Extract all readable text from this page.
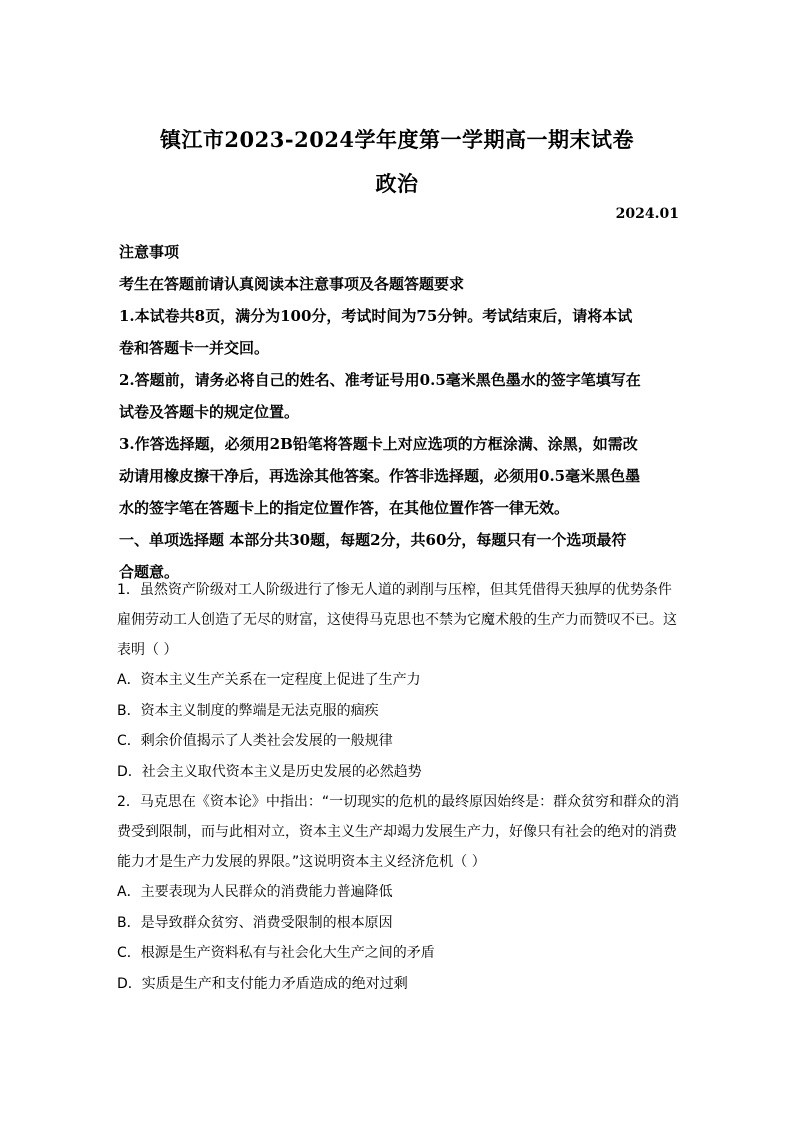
镇江市2023-2024学年度第一学期高一期末试卷
政治
2024.01

注意事项

考生在答题前请认真阅读本注意事项及各题答题要求

1.本试卷共8页，满分为100分，考试时间为75分钟。考试结束后，请将本试

卷和答题卡一并交回。

2.答题前，请务必将自己的姓名、准考证号用0.5毫米黑色墨水的签字笔填写在

试卷及答题卡的规定位置。

3.作答选择题，必须用2B铅笔将答题卡上对应选项的方框涂满、涂黑，如需改

动请用橡皮擦干净后，再选涂其他答案。作答非选择题，必须用0.5毫米黑色墨

水的签字笔在答题卡上的指定位置作答，在其他位置作答一律无效。

一、单项选择题 本部分共30题，每题2分，共60分，每题只有一个选项最符

合题意。

1．虽然资产阶级对工人阶级进行了惨无人道的剥削与压榨，但其凭借得天独厚的优势条件

雇佣劳动工人创造了无尽的财富，这使得马克思也不禁为它魔术般的生产力而赞叹不已。这

表明（ ）

A．资本主义生产关系在一定程度上促进了生产力

B．资本主义制度的弊端是无法克服的痼疾

C．剩余价值揭示了人类社会发展的一般规律

D．社会主义取代资本主义是历史发展的必然趋势

2．马克思在《资本论》中指出：“一切现实的危机的最终原因始终是：群众贫穷和群众的消

费受到限制，而与此相对立，资本主义生产却竭力发展生产力，好像只有社会的绝对的消费

能力才是生产力发展的界限。”这说明资本主义经济危机（ ）

A．主要表现为人民群众的消费能力普遍降低

B．是导致群众贫穷、消费受限制的根本原因

C．根源是生产资料私有与社会化大生产之间的矛盾

D．实质是生产和支付能力矛盾造成的绝对过剩
